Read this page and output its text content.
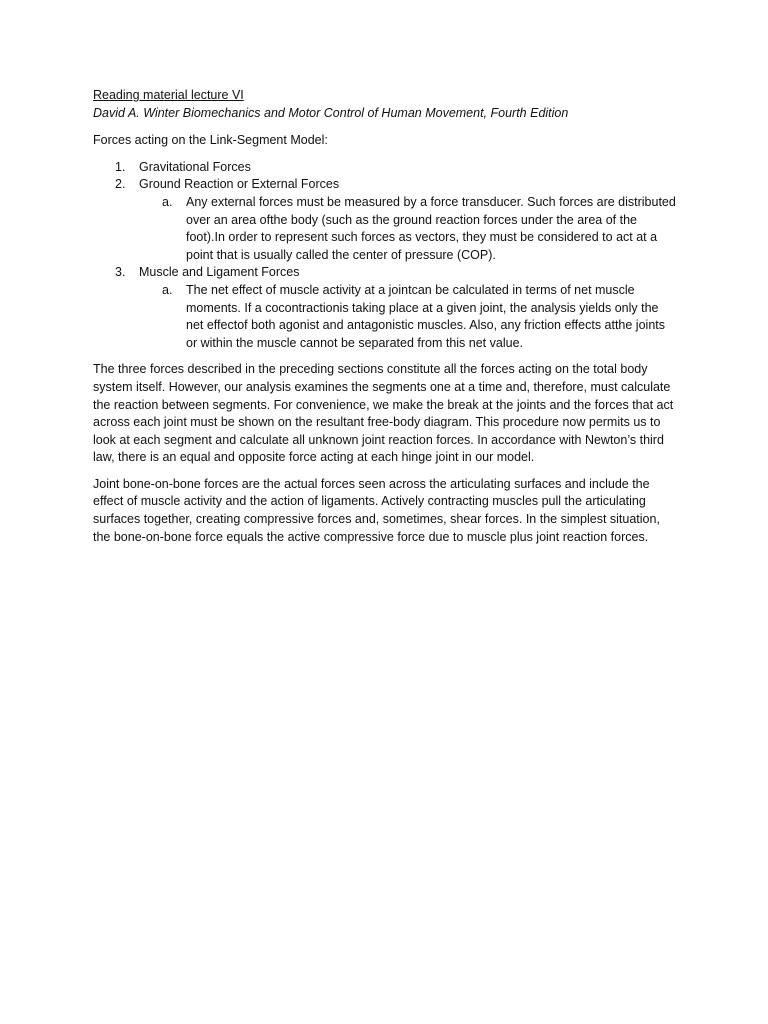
Reading material lecture VI

David A. Winter Biomechanics and Motor Control of Human Movement, Fourth Edition

Forces acting on the Link-Segment Model:

1. Gravitational Forces
2. Ground Reaction or External Forces
a. Any external forces must be measured by a force transducer. Such forces are distributed over an area ofthe body (such as the ground reaction forces under the area of the foot).In order to represent such forces as vectors, they must be considered to act at a point that is usually called the center of pressure (COP).
3. Muscle and Ligament Forces
a. The net effect of muscle activity at a jointcan be calculated in terms of net muscle moments. If a cocontractionis taking place at a given joint, the analysis yields only the net effectof both agonist and antagonistic muscles. Also, any friction effects atthe joints or within the muscle cannot be separated from this net value.

The three forces described in the preceding sections constitute all the forces acting on the total body system itself. However, our analysis examines the segments one at a time and, therefore, must calculate the reaction between segments. For convenience, we make the break at the joints and the forces that act across each joint must be shown on the resultant free-body diagram. This procedure now permits us to look at each segment and calculate all unknown joint reaction forces. In accordance with Newton’s third law, there is an equal and opposite force acting at each hinge joint in our model.

Joint bone-on-bone forces are the actual forces seen across the articulating surfaces and include the effect of muscle activity and the action of ligaments. Actively contracting muscles pull the articulating surfaces together, creating compressive forces and, sometimes, shear forces. In the simplest situation, the bone-on-bone force equals the active compressive force due to muscle plus joint reaction forces.
